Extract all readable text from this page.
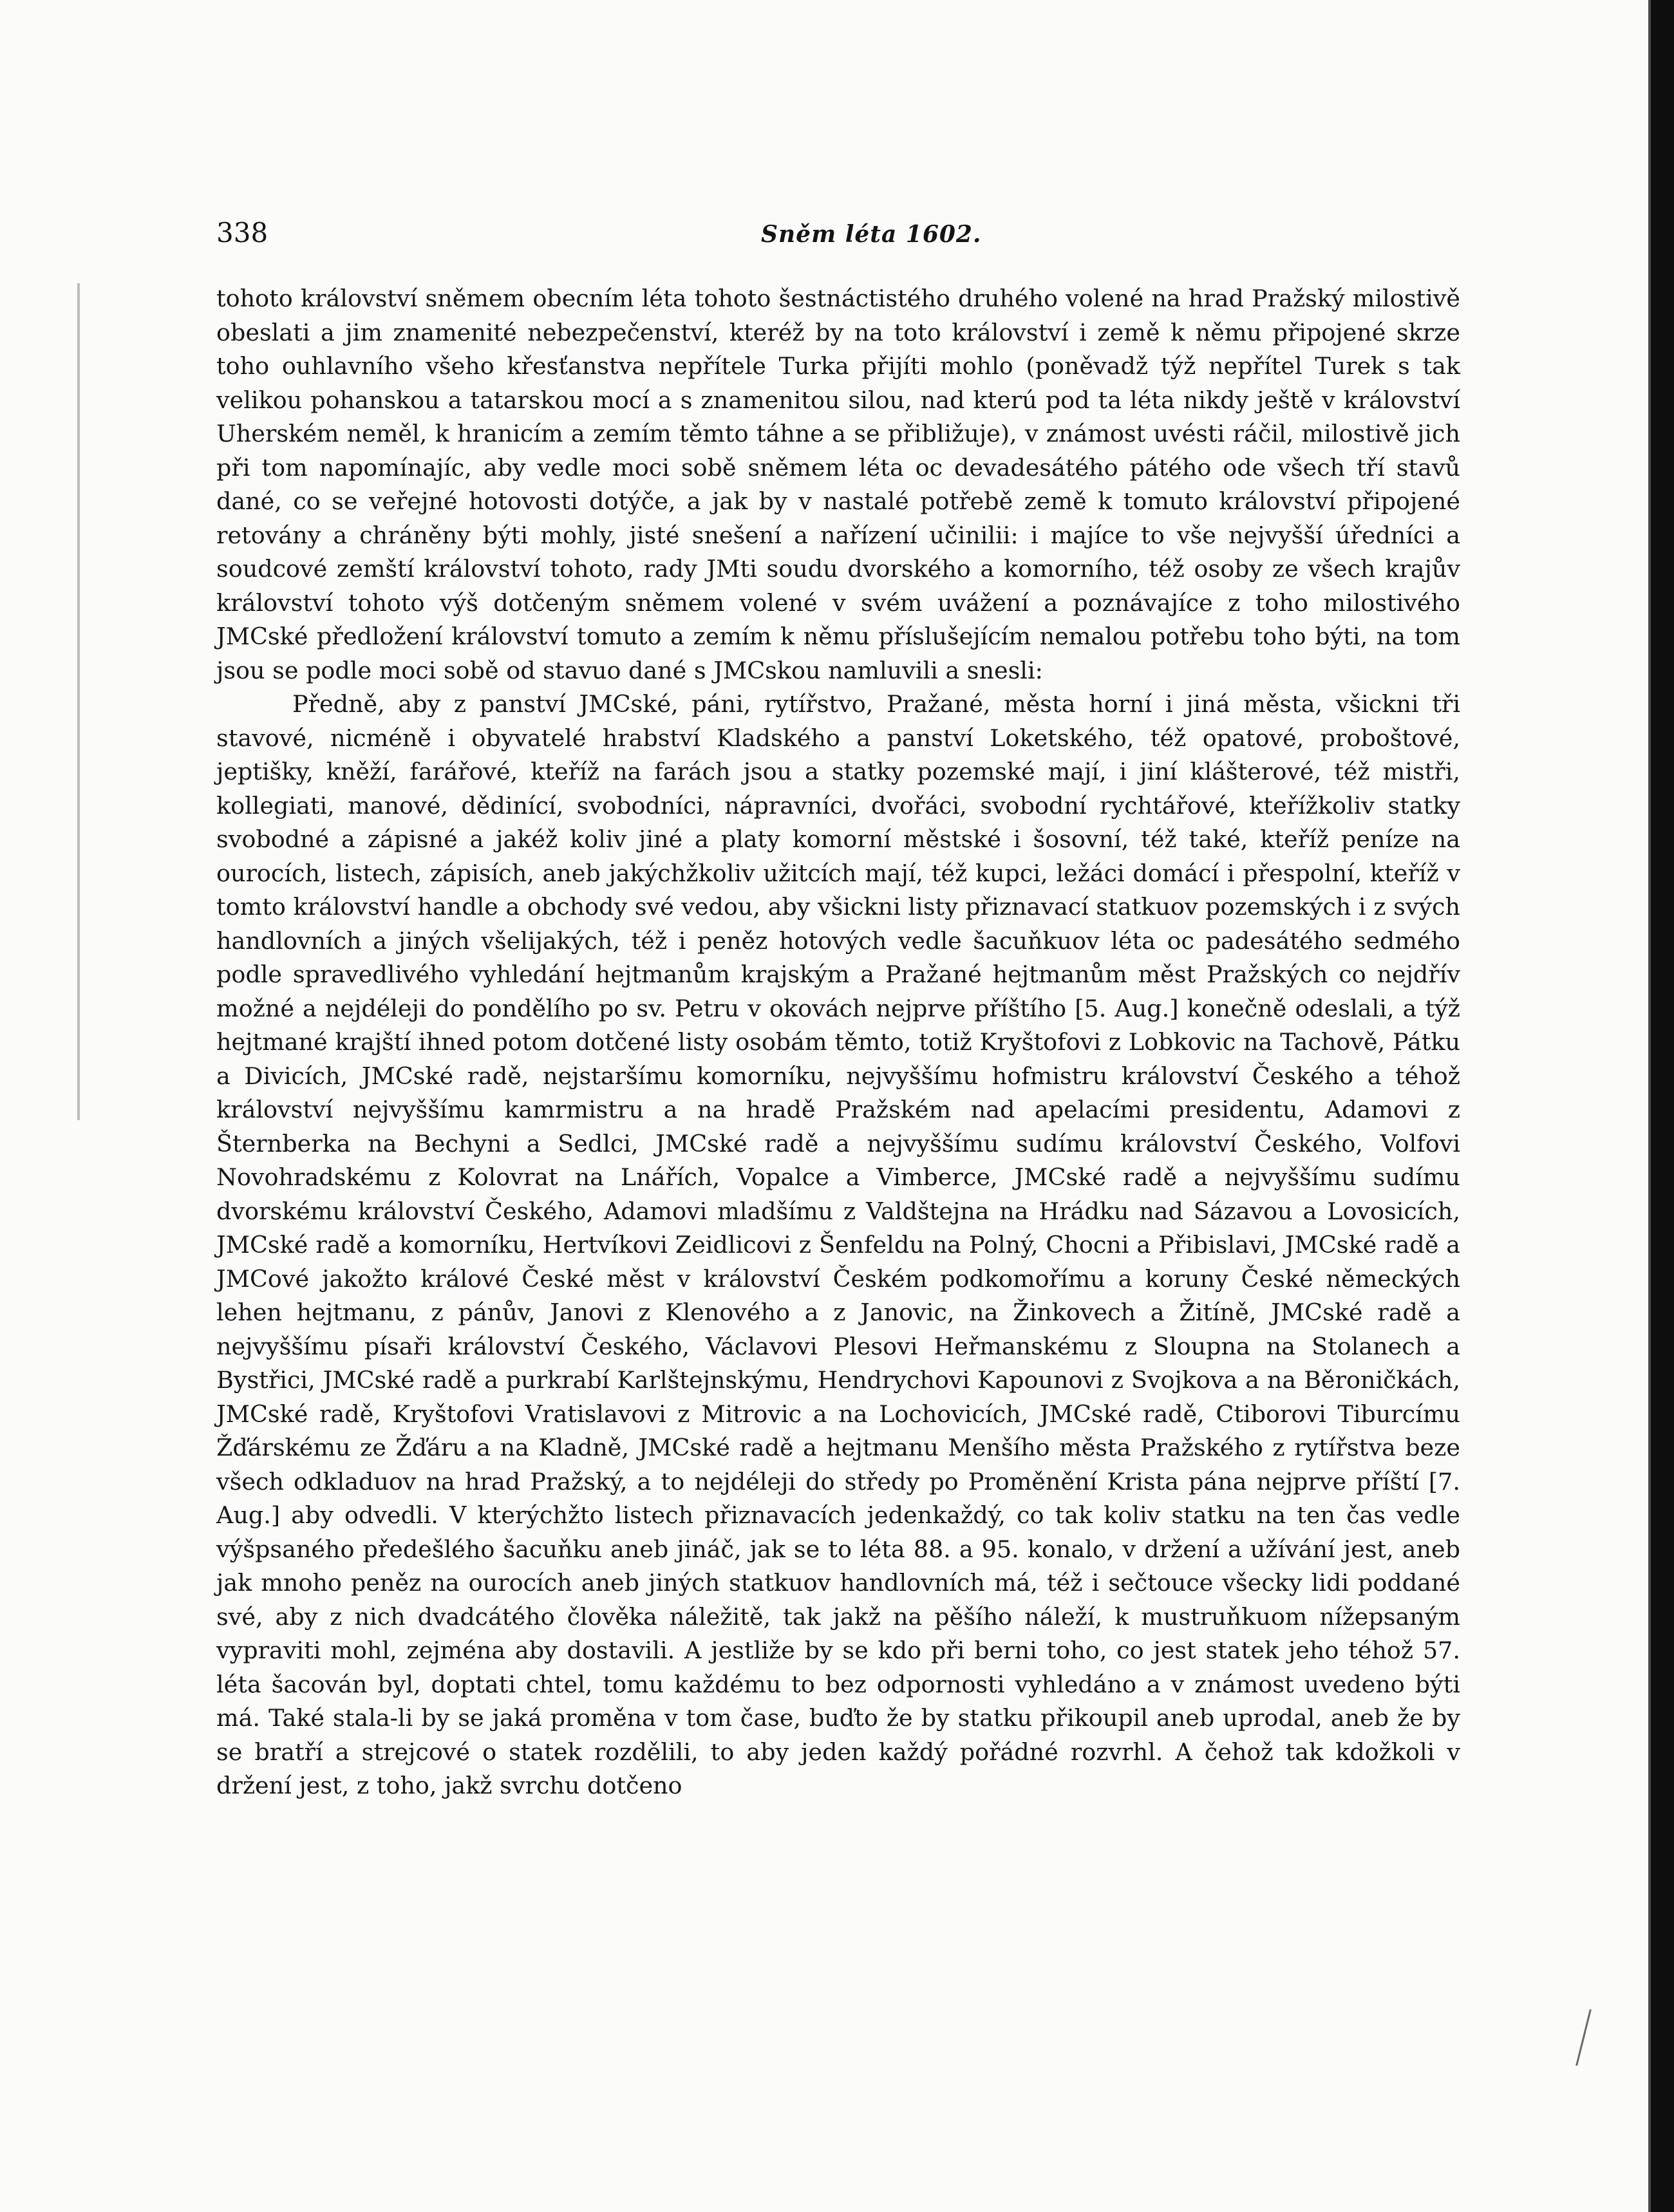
338	Sněm léta 1602.

tohoto království sněmem obecním léta tohoto šestnáctistého druhého volené na hrad Pražský milostivě obeslati a jim znamenité nebezpečenství, kteréž by na toto království i země k němu připojené skrze toho ouhlavního všeho křesťanstva nepřítele Turka přijíti mohlo (poněvadž týž nepřítel Turek s tak velikou pohanskou a tatarskou mocí a s znamenitou silou, nad kterú pod ta léta nikdy ještě v království Uherském neměl, k hranicím a zemím těmto táhne a se přibližuje), v známost uvésti ráčil, milostivě jich při tom napomínajíc, aby vedle moci sobě sněmem léta oc devadesátého pátého ode všech tří stavů dané, co se veřejné hotovosti dotýče, a jak by v nastalé potřebě země k tomuto království připojené retovány a chráněny býti mohly, jisté snešení a nařízení učinilii: i majíce to vše nejvyšší úředníci a soudcové zemští království tohoto, rady JMti soudu dvorského a komorního, též osoby ze všech krajův království tohoto výš dotčeným sněmem volené v svém uvážení a poznávajíce z toho milostivého JMCské předložení království tomuto a zemím k němu příslušejícím nemalou potřebu toho býti, na tom jsou se podle moci sobě od stavuo dané s JMCskou namluvili a snesli:

Předně, aby z panství JMCské, páni, rytířstvo, Pražané, města horní i jiná města, všickni tři stavové, nicméně i obyvatelé hrabství Kladského a panství Loketského, též opatové, proboštové, jeptišky, kněží, farářové, kteříž na farách jsou a statky pozemské mají, i jiní klášterové, též mistři, kollegiati, manové, dědinící, svobodníci, nápravníci, dvořáci, svobodní rychtářové, kteřížkoliv statky svobodné a zápisné a jakéž koliv jiné a platy komorní městské i šosovní, též také, kteříž peníze na ourocích, listech, zápisích, aneb jakýchžkoliv užitcích mají, též kupci, ležáci domácí i přespolní, kteříž v tomto království handle a obchody své vedou, aby všickni listy přiznavací statkuov pozemských i z svých handlovních a jiných všelijakých, též i peněz hotových vedle šacuňkuov léta oc padesátého sedmého podle spravedlivého vyhledání hejtmanům krajským a Pražané hejtmanům měst Pražských co nejdřív možné a nejdéleji do pondělího po sv. Petru v okovách nejprve příštího [5. Aug.] konečně odeslali, a týž hejtmané krajští ihned potom dotčené listy osobám těmto, totiž Kryštofovi z Lobkovic na Tachově, Pátku a Divicích, JMCské radě, nejstaršímu komorníku, nejvyššímu hofmistru království Českého a téhož království nejvyššímu kamrmistru a na hradě Pražském nad apelacími presidentu, Adamovi z Šternberka na Bechyni a Sedlci, JMCské radě a nejvyššímu sudímu království Českého, Volfovi Novohradskému z Kolovrat na Lnářích, Vopalce a Vimberce, JMCské radě a nejvyššímu sudímu dvorskému království Českého, Adamovi mladšímu z Valdštejna na Hrádku nad Sázavou a Lovosicích, JMCské radě a komorníku, Hertvíkovi Zeidlicovi z Šenfeldu na Polný, Chocni a Přibislavi, JMCské radě a JMCové jakožto králové České měst v království Českém podkomořímu a koruny České německých lehen hejtmanu, z pánův, Janovi z Klenového a z Janovic, na Žinkovech a Žitíně, JMCské radě a nejvyššímu písaři království Českého, Václavovi Plesovi Heřmanskému z Sloupna na Stolanech a Bystřici, JMCské radě a purkrabí Karlštejnskýmu, Hendrychovi Kapounovi z Svojkova a na Běroničkách, JMCské radě, Kryštofovi Vratislavovi z Mitrovic a na Lochovicích, JMCské radě, Ctiborovi Tiburcímu Žďárskému ze Žďáru a na Kladně, JMCské radě a hejtmanu Menšího města Pražského z rytířstva beze všech odkladuov na hrad Pražský, a to nejdéleji do středy po Proměnění Krista pána nejprve příští [7. Aug.] aby odvedli. V kterýchžto listech přiznavacích jedenkaždý, co tak koliv statku na ten čas vedle výšpsaného předešlého šacuňku aneb jináč, jak se to léta 88. a 95. konalo, v držení a užívání jest, aneb jak mnoho peněz na ourocích aneb jiných statkuov handlovních má, též i sečtouce všecky lidi poddané své, aby z nich dvadcátého člověka náležitě, tak jakž na pěšího náleží, k mustruňkuom nížepsaným vypraviti mohl, zejména aby dostavili. A jestliže by se kdo při berni toho, co jest statek jeho téhož 57. léta šacován byl, doptati chtel, tomu každému to bez odpornosti vyhledáno a v známost uvedeno býti má. Také stala-li by se jaká proměna v tom čase, buďto že by statku přikoupil aneb uprodal, aneb že by se bratří a strejcové o statek rozdělili, to aby jeden každý pořádné rozvrhl. A čehož tak kdožkoli v držení jest, z toho, jakž svrchu dotčeno
